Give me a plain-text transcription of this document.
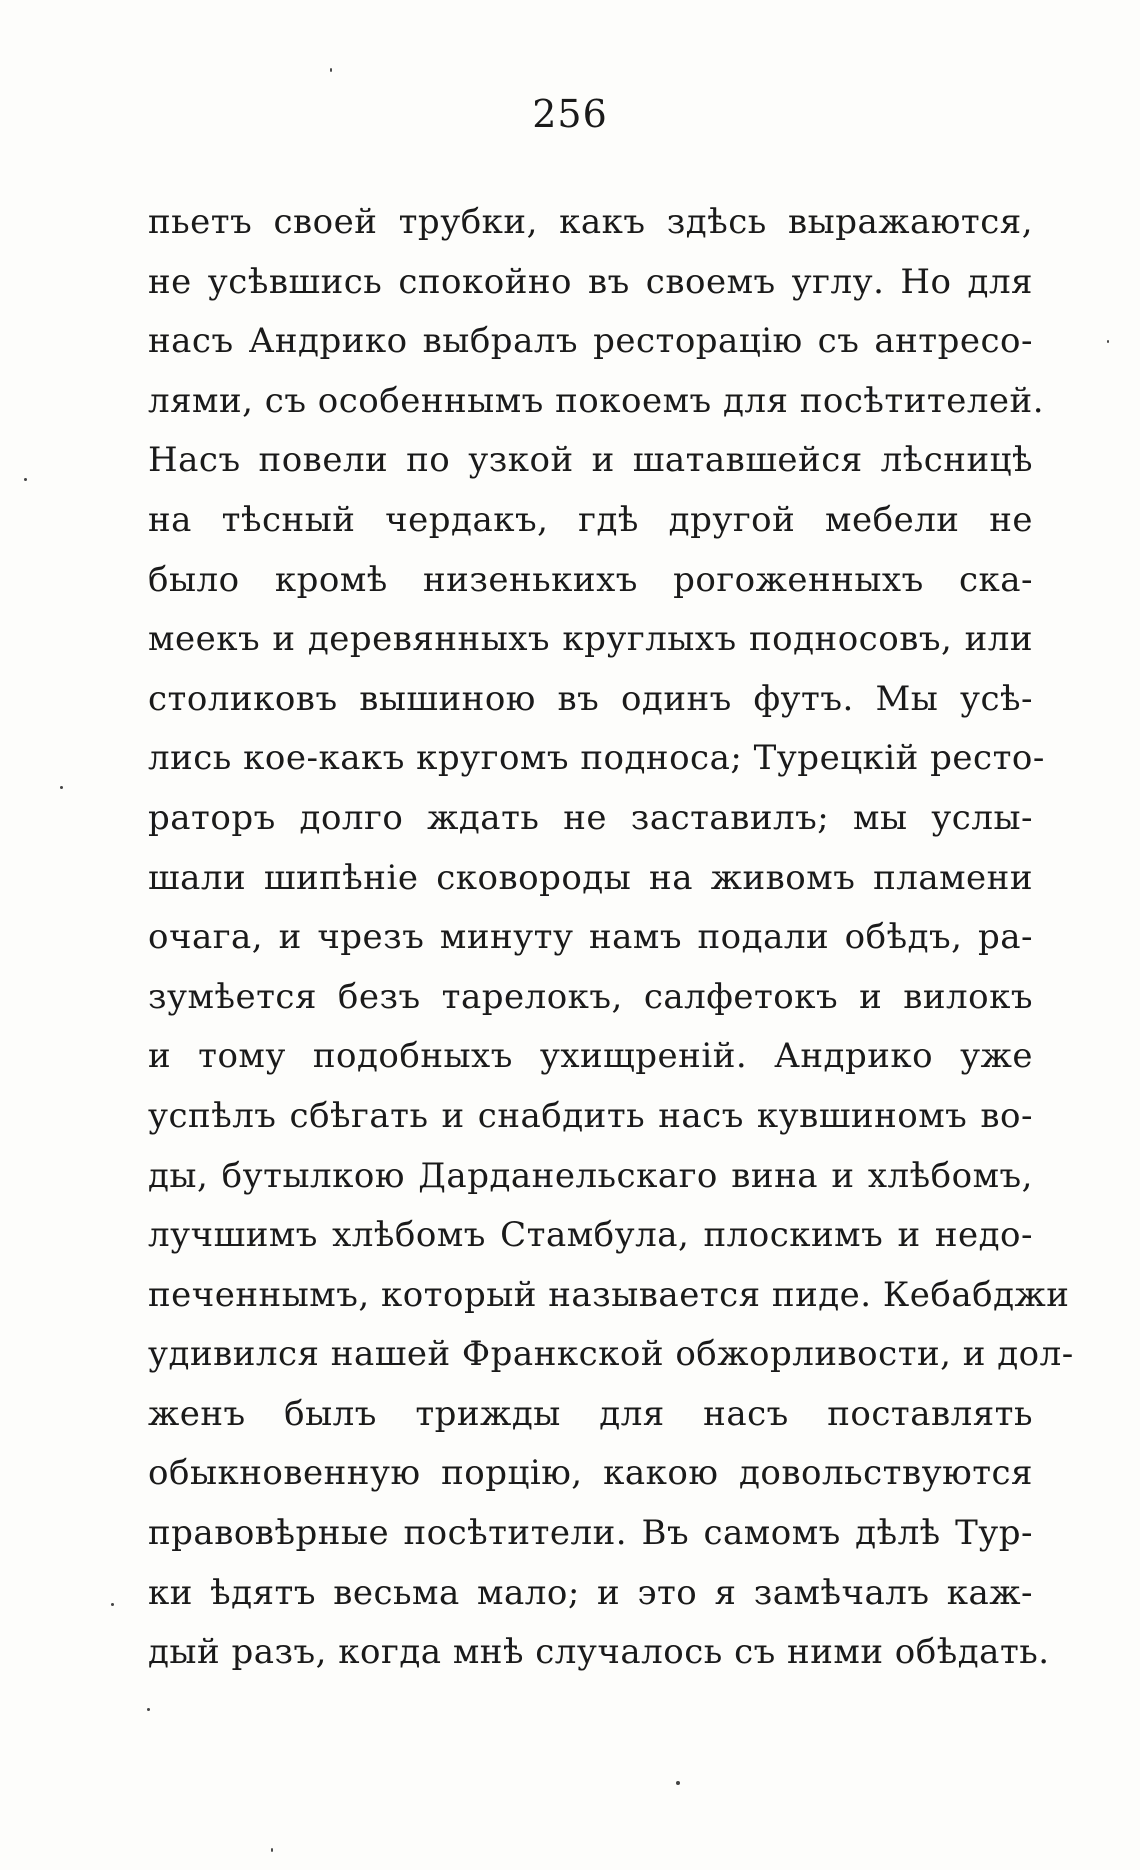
256
пьетъ своей трубки, какъ здѣсь выражаются,
не усѣвшись спокойно въ своемъ углу. Но для
насъ Андрико выбралъ ресторацію съ антресо-
лями, съ особеннымъ покоемъ для посѣтителей.
Насъ повели по узкой и шатавшейся лѣсницѣ
на тѣсный чердакъ, гдѣ другой мебели не
было кромѣ низенькихъ рогоженныхъ ска-
меекъ и деревянныхъ круглыхъ подносовъ, или
столиковъ вышиною въ одинъ футъ. Мы усѣ-
лись кое-какъ кругомъ подноса; Турецкій ресто-
раторъ долго ждать не заставилъ; мы услы-
шали шипѣніе сковороды на живомъ пламени
очага, и чрезъ минуту намъ подали обѣдъ, ра-
зумѣется безъ тарелокъ, салфетокъ и вилокъ
и тому подобныхъ ухищреній. Андрико уже
успѣлъ сбѣгать и снабдить насъ кувшиномъ во-
ды, бутылкою Дарданельскаго вина и хлѣбомъ,
лучшимъ хлѣбомъ Стамбула, плоскимъ и недо-
печеннымъ, который называется пиде. Кебабджи
удивился нашей Франкской обжорливости, и дол-
женъ былъ трижды для насъ поставлять
обыкновенную порцію, какою довольствуются
правовѣрные посѣтители. Въ самомъ дѣлѣ Тур-
ки ѣдятъ весьма мало; и это я замѣчалъ каж-
дый разъ, когда мнѣ случалось съ ними обѣдать.
